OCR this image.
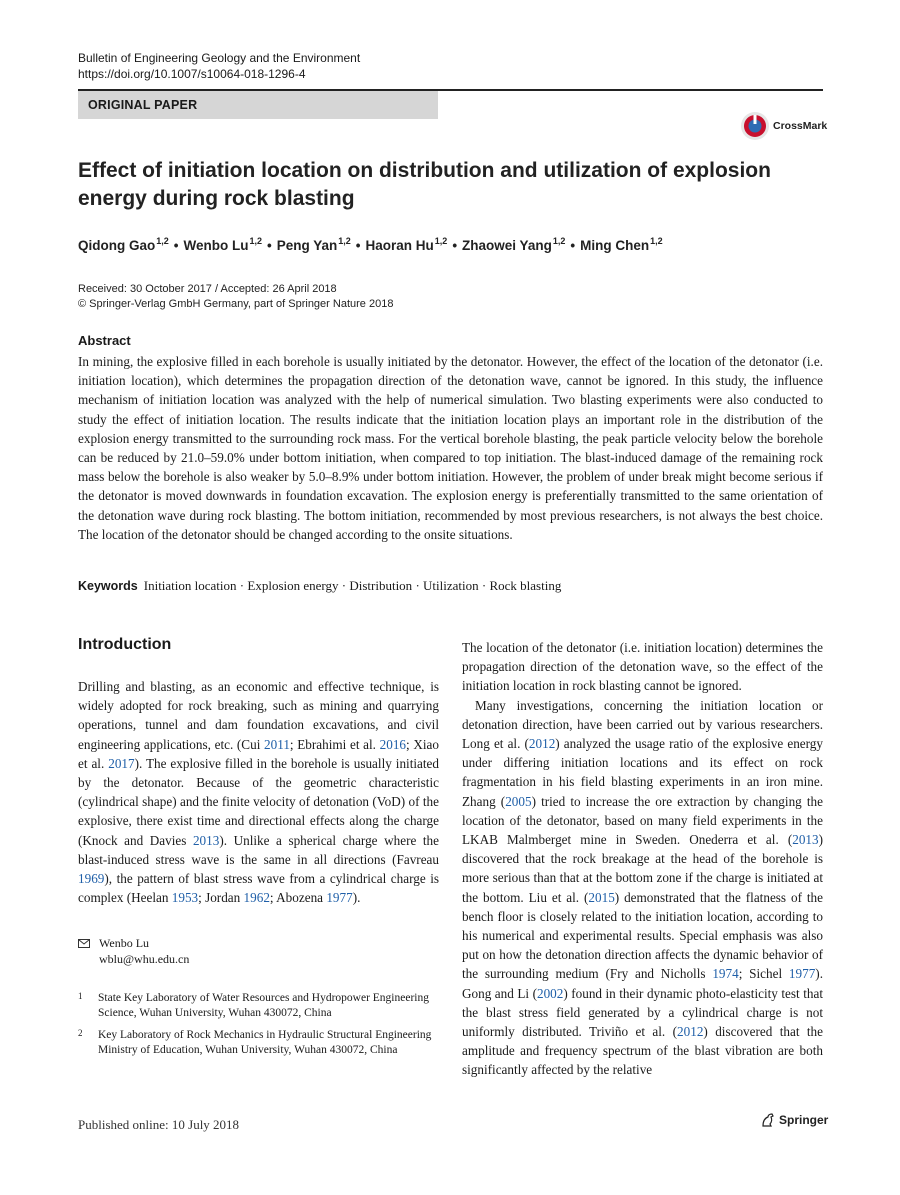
Bulletin of Engineering Geology and the Environment
https://doi.org/10.1007/s10064-018-1296-4
ORIGINAL PAPER
CrossMark
Effect of initiation location on distribution and utilization of explosion energy during rock blasting
Qidong Gao$^{1,2}$ • Wenbo Lu$^{1,2}$ • Peng Yan$^{1,2}$ • Haoran Hu$^{1,2}$ • Zhaowei Yang$^{1,2}$ • Ming Chen$^{1,2}$
Received: 30 October 2017 / Accepted: 26 April 2018
© Springer-Verlag GmbH Germany, part of Springer Nature 2018
Abstract
In mining, the explosive filled in each borehole is usually initiated by the detonator. However, the effect of the location of the detonator (i.e. initiation location), which determines the propagation direction of the detonation wave, cannot be ignored. In this study, the influence mechanism of initiation location was analyzed with the help of numerical simulation. Two blasting experiments were also conducted to study the effect of initiation location. The results indicate that the initiation location plays an important role in the distribution of the explosion energy transmitted to the surrounding rock mass. For the vertical borehole blasting, the peak particle velocity below the borehole can be reduced by 21.0–59.0% under bottom initiation, when compared to top initiation. The blast-induced damage of the remaining rock mass below the borehole is also weaker by 5.0–8.9% under bottom initiation. However, the problem of under break might become serious if the detonator is moved downwards in foundation excavation. The explosion energy is preferentially transmitted to the same orientation of the detonation wave during rock blasting. The bottom initiation, recommended by most previous researchers, is not always the best choice. The location of the detonator should be changed according to the onsite situations.
Keywords Initiation location · Explosion energy · Distribution · Utilization · Rock blasting
Introduction
Drilling and blasting, as an economic and effective technique, is widely adopted for rock breaking, such as mining and quarrying operations, tunnel and dam foundation excavations, and civil engineering applications, etc. (Cui 2011; Ebrahimi et al. 2016; Xiao et al. 2017). The explosive filled in the borehole is usually initiated by the detonator. Because of the geometric characteristic (cylindrical shape) and the finite velocity of detonation (VoD) of the explosive, there exist time and directional effects along the charge (Knock and Davies 2013). Unlike a spherical charge where the blast-induced stress wave is the same in all directions (Favreau 1969), the pattern of blast stress wave from a cylindrical charge is complex (Heelan 1953; Jordan 1962; Abozena 1977).

The location of the detonator (i.e. initiation location) determines the propagation direction of the detonation wave, so the effect of the initiation location in rock blasting cannot be ignored.

Many investigations, concerning the initiation location or detonation direction, have been carried out by various researchers. Long et al. (2012) analyzed the usage ratio of the explosive energy under differing initiation locations and its effect on rock fragmentation in his field blasting experiments in an iron mine. Zhang (2005) tried to increase the ore extraction by changing the location of the detonator, based on many field experiments in the LKAB Malmberget mine in Sweden. Onederra et al. (2013) discovered that the rock breakage at the head of the borehole is more serious than that at the bottom zone if the charge is initiated at the bottom. Liu et al. (2015) demonstrated that the flatness of the bench floor is closely related to the initiation location, according to his numerical and experimental results. Special emphasis was also put on how the detonation direction affects the dynamic behavior of the surrounding medium (Fry and Nicholls 1974; Sichel 1977). Gong and Li (2002) found in their dynamic photo-elasticity test that the blast stress field generated by a cylindrical charge is not uniformly distributed. Triviño et al. (2012) discovered that the amplitude and frequency spectrum of the blast vibration are both significantly affected by the relative

Wenbo Lu
wblu@whu.edu.cn
1	State Key Laboratory of Water Resources and Hydropower Engineering Science, Wuhan University, Wuhan 430072, China
2	Key Laboratory of Rock Mechanics in Hydraulic Structural Engineering Ministry of Education, Wuhan University, Wuhan 430072, China
Published online: 10 July 2018	Springer
